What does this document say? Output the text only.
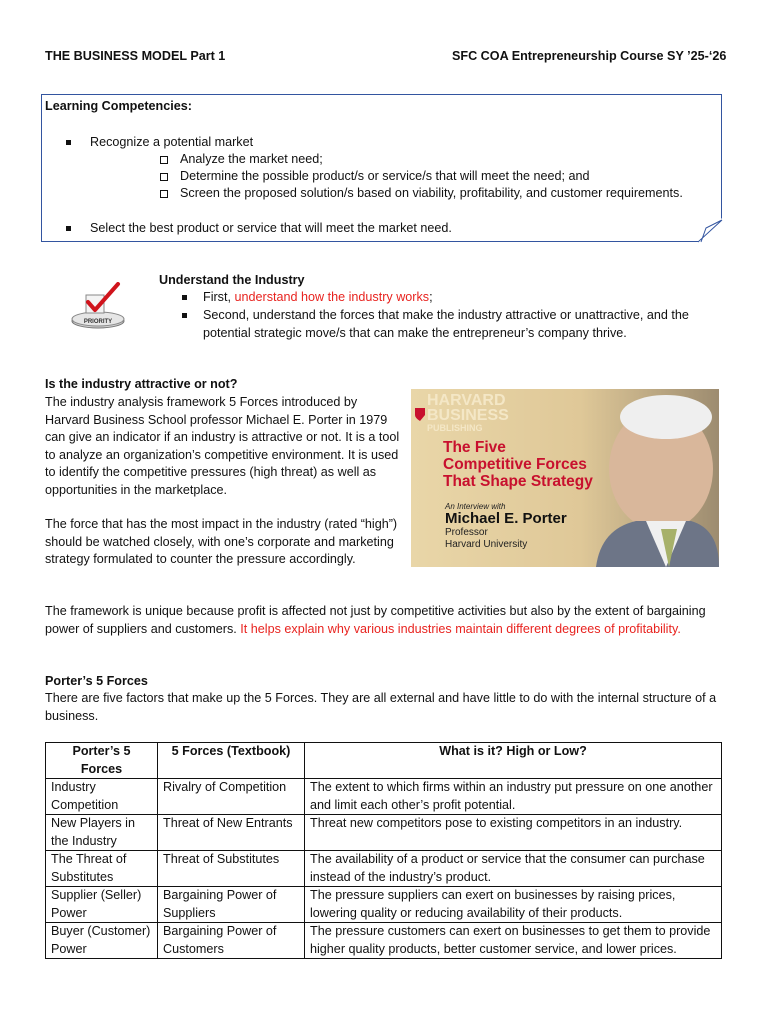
THE BUSINESS MODEL Part 1	SFC COA Entrepreneurship Course SY ’25-‘26
Learning Competencies:
Recognize a potential market
Analyze the market need;
Determine the possible product/s or service/s that will meet the need; and
Screen the proposed solution/s based on viability, profitability, and customer requirements.
Select the best product or service that will meet the market need.
PRIORITY
Understand the Industry
First, understand how the industry works;
Second, understand the forces that make the industry attractive or unattractive, and the potential strategic move/s that can make the entrepreneur’s company thrive.
Is the industry attractive or not?
The industry analysis framework 5 Forces introduced by Harvard Business School professor Michael E. Porter in 1979 can give an indicator if an industry is attractive or not. It is a tool to analyze an organization’s competitive environment. It is used to identify the competitive pressures (high threat) as well as opportunities in the marketplace.
The force that has the most impact in the industry (rated “high”) should be watched closely, with one’s corporate and marketing strategy formulated to counter the pressure accordingly.
HARVARD
BUSINESS
PUBLISHING
The Five
Competitive Forces
That Shape Strategy
An Interview with
Michael E. Porter
Professor
Harvard University
The framework is unique because profit is affected not just by competitive activities but also by the extent of bargaining power of suppliers and customers. It helps explain why various industries maintain different degrees of profitability.
Porter’s 5 Forces
There are five factors that make up the 5 Forces. They are all external and have little to do with the internal structure of a business.
Porter’s 5 Forces	5 Forces (Textbook)	What is it? High or Low?
Industry Competition	Rivalry of Competition	The extent to which firms within an industry put pressure on one another and limit each other’s profit potential.
New Players in the Industry	Threat of New Entrants	Threat new competitors pose to existing competitors in an industry.
The Threat of Substitutes	Threat of Substitutes	The availability of a product or service that the consumer can purchase instead of the industry’s product.
Supplier (Seller) Power	Bargaining Power of Suppliers	The pressure suppliers can exert on businesses by raising prices, lowering quality or reducing availability of their products.
Buyer (Customer) Power	Bargaining Power of Customers	The pressure customers can exert on businesses to get them to provide higher quality products, better customer service, and lower prices.
